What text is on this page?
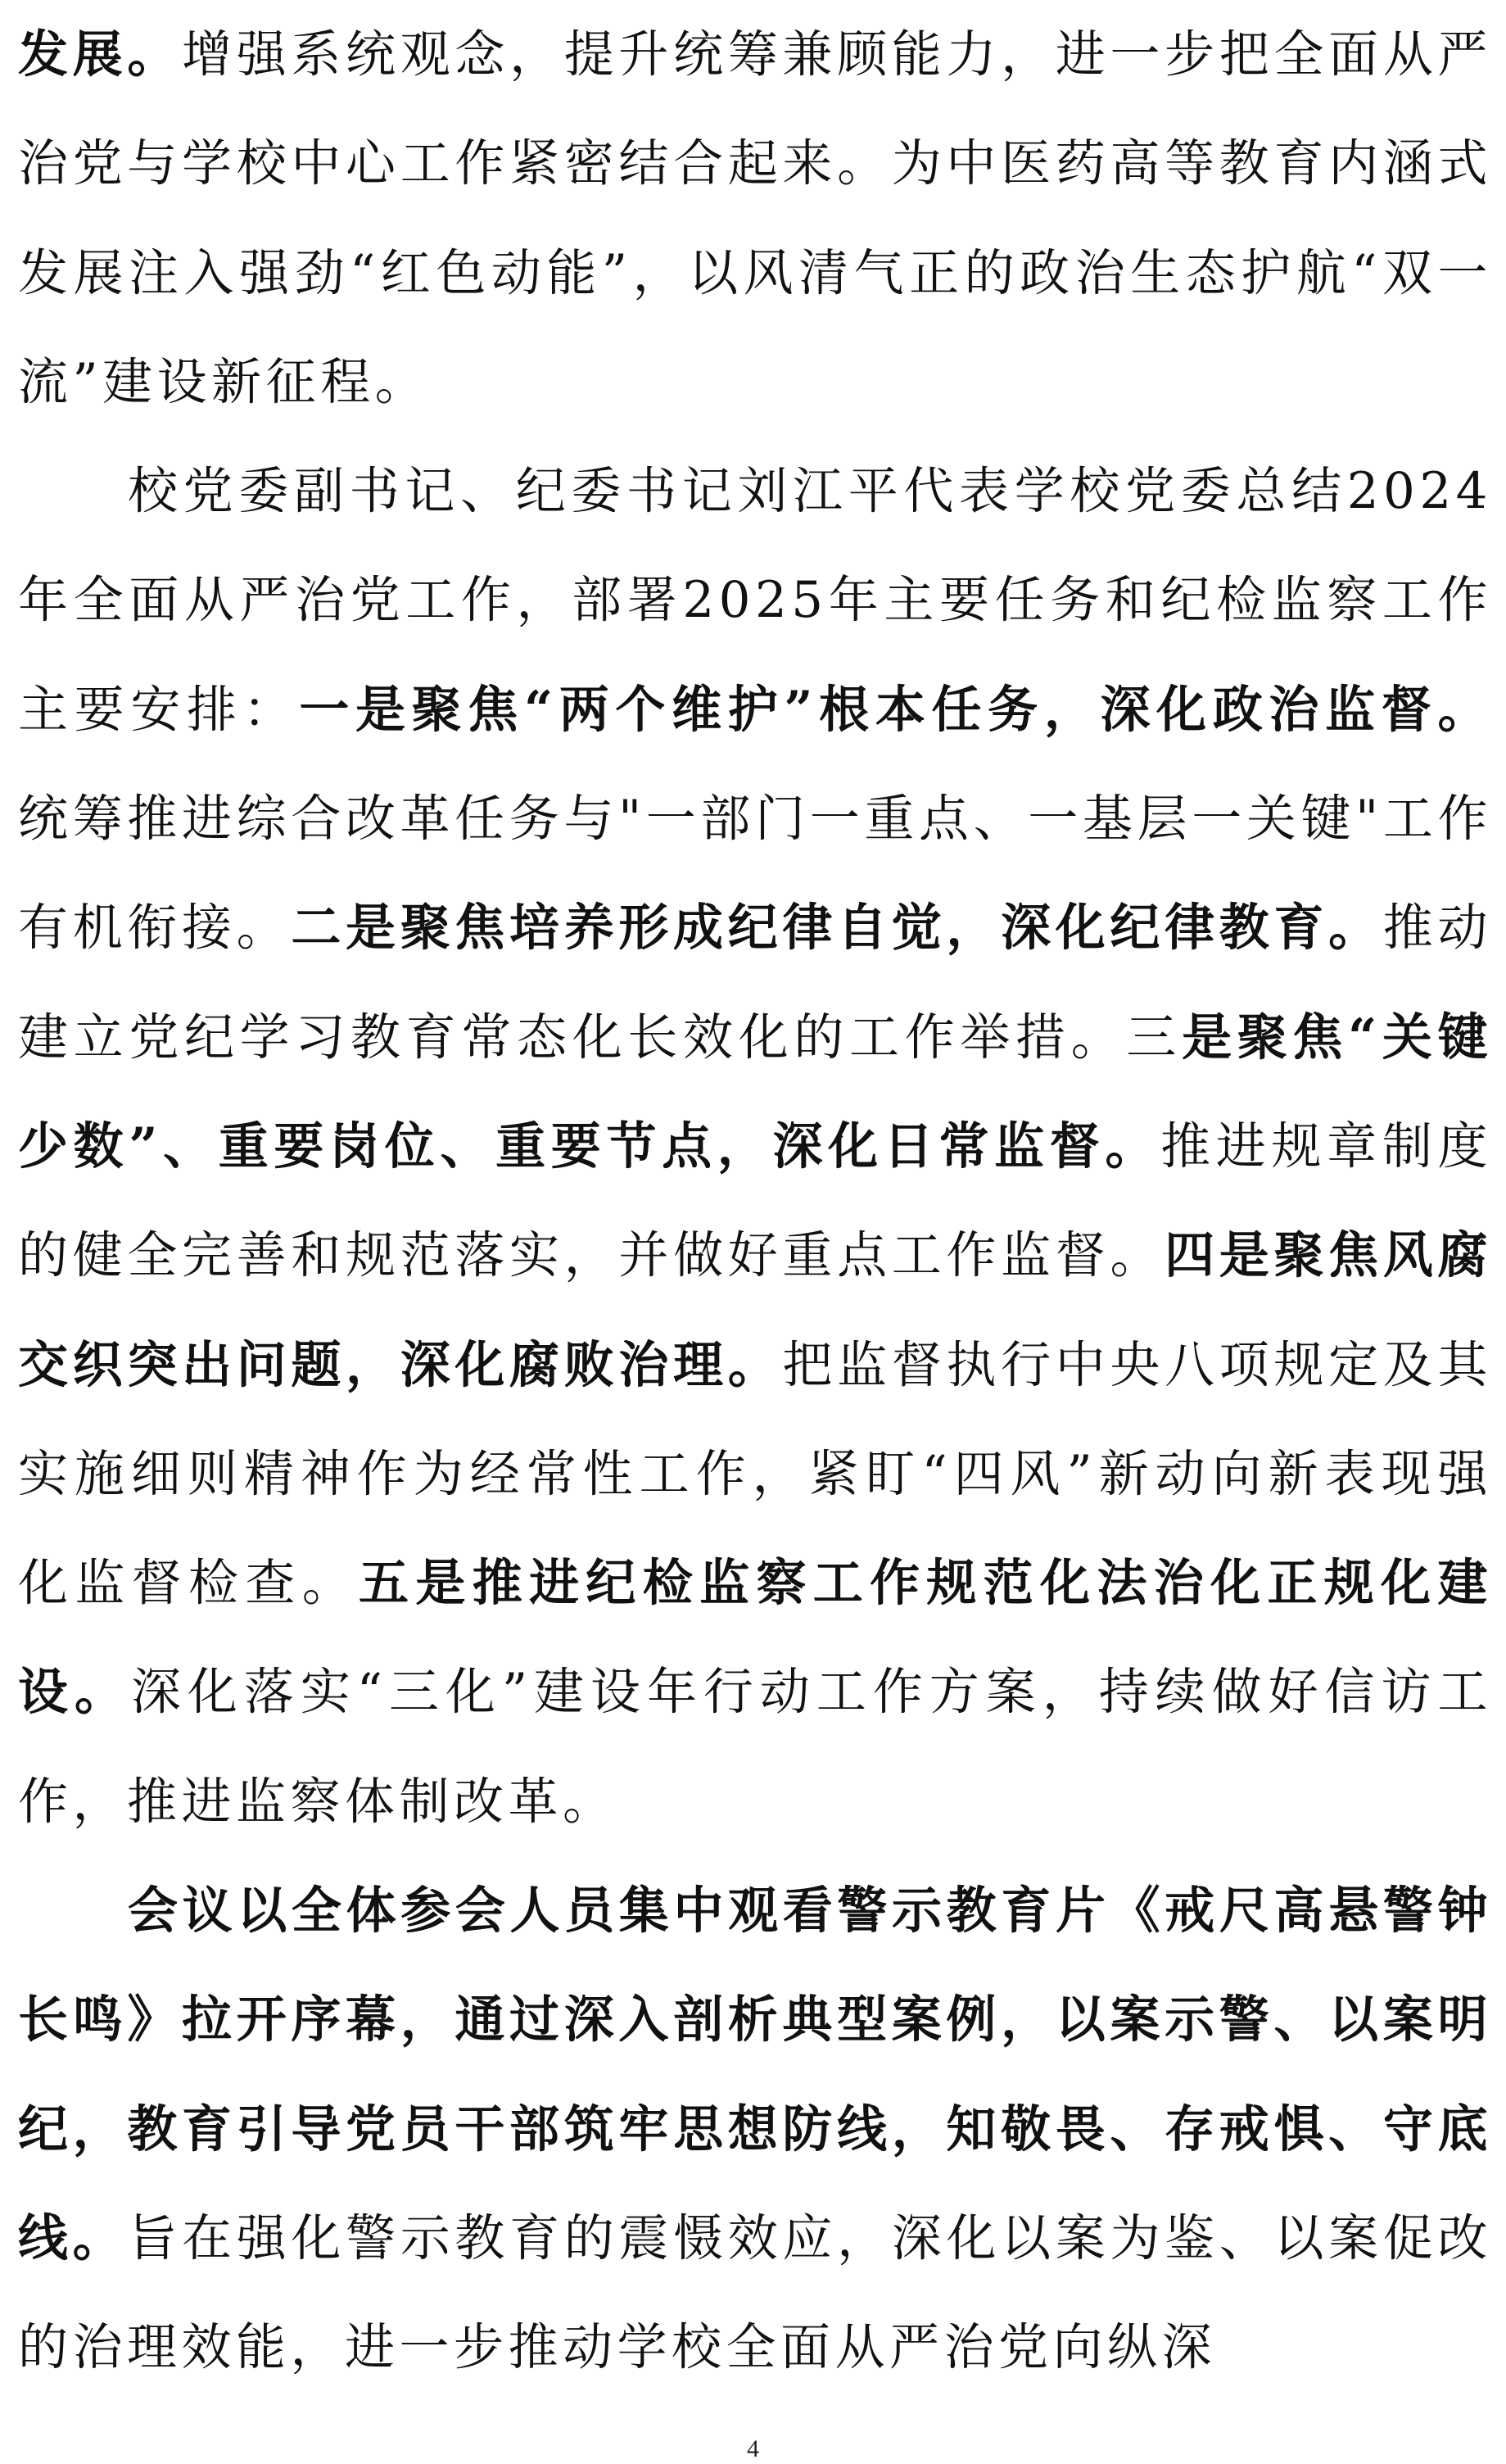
发展。增强系统观念，提升统筹兼顾能力，进一步把全面从严治党与学校中心工作紧密结合起来。为中医药高等教育内涵式发展注入强劲“红色动能”，以风清气正的政治生态护航“双一流”建设新征程。

校党委副书记、纪委书记刘江平代表学校党委总结2024年全面从严治党工作，部署2025年主要任务和纪检监察工作主要安排：一是聚焦“两个维护”根本任务，深化政治监督。统筹推进综合改革任务与"一部门一重点、一基层一关键"工作有机衔接。二是聚焦培养形成纪律自觉，深化纪律教育。推动建立党纪学习教育常态化长效化的工作举措。三是聚焦“关键少数”、重要岗位、重要节点，深化日常监督。推进规章制度的健全完善和规范落实，并做好重点工作监督。四是聚焦风腐交织突出问题，深化腐败治理。把监督执行中央八项规定及其实施细则精神作为经常性工作，紧盯“四风”新动向新表现强化监督检查。五是推进纪检监察工作规范化法治化正规化建设。深化落实“三化”建设年行动工作方案，持续做好信访工作，推进监察体制改革。

会议以全体参会人员集中观看警示教育片《戒尺高悬警钟长鸣》拉开序幕，通过深入剖析典型案例，以案示警、以案明纪，教育引导党员干部筑牢思想防线，知敬畏、存戒惧、守底线。旨在强化警示教育的震慑效应，深化以案为鉴、以案促改的治理效能，进一步推动学校全面从严治党向纵深

4
